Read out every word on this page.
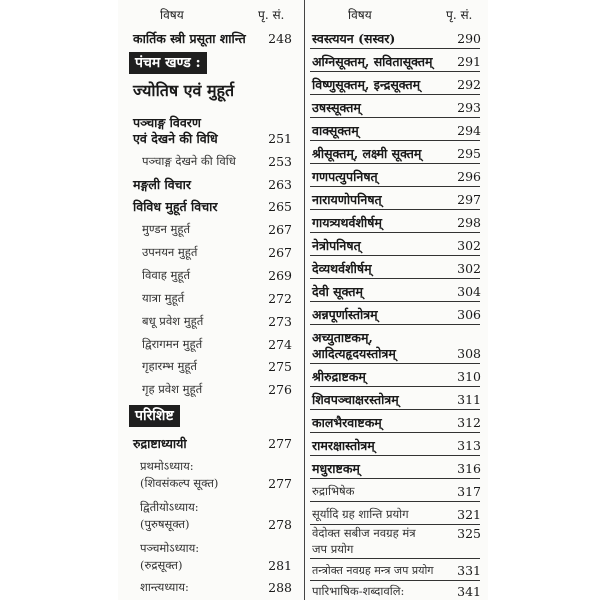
विषय	पृ. सं.	विषय	पृ. सं.
कार्तिक स्त्री प्रसूता शान्ति	248
पंचम खण्ड :
ज्योतिष एवं मुहूर्त
पञ्चाङ्ग विवरण
एवं देखने की विधि	251
पञ्चाङ्ग देखने की विधि	253
मङ्गली विचार	263
विविध मुहूर्त विचार	265
मुण्डन मुहूर्त	267
उपनयन मुहूर्त	267
विवाह मुहूर्त	269
यात्रा मुहूर्त	272
बधू प्रवेश मुहूर्त	273
द्विरागमन मुहूर्त	274
गृहारम्भ मुहूर्त	275
गृह प्रवेश मुहूर्त	276
परिशिष्ट
रुद्राष्टाध्यायी	277
प्रथमोऽध्याय:
(शिवसंकल्प सूक्त)	277
द्वितीयोऽध्याय:
(पुरुषसूक्त)	278
पञ्चमोऽध्याय:
(रुद्रसूक्त)	281
शान्त्यध्याय:	288
स्वस्त्ययन (सस्वर)	290
अग्निसूक्तम्, सवितासूक्तम्	291
विष्णुसूक्तम्, इन्द्रसूक्तम्	292
उषस्सूक्तम्	293
वाक्सूक्तम्	294
श्रीसूक्तम्, लक्ष्मी सूक्तम्	295
गणपत्युपनिषत्	296
नारायणोपनिषत्	297
गायत्र्यथर्वशीर्षम्	298
नेत्रोपनिषत्	302
देव्यथर्वशीर्षम्	302
देवी सूक्तम्	304
अन्नपूर्णास्तोत्रम्	306
अच्युताष्टकम्,
आदित्यहृदयस्तोत्रम्	308
श्रीरुद्राष्टकम्	310
शिवपञ्चाक्षरस्तोत्रम्	311
कालभैरवाष्टकम्	312
रामरक्षास्तोत्रम्	313
मधुराष्टकम्	316
रुद्राभिषेक	317
सूर्यादि ग्रह शान्ति प्रयोग	321
वेदोक्त सबीज नवग्रह मंत्र	325
जप प्रयोग
तन्त्रोक्त नवग्रह मन्त्र जप प्रयोग	331
पारिभाषिक-शब्दावलि:	341
